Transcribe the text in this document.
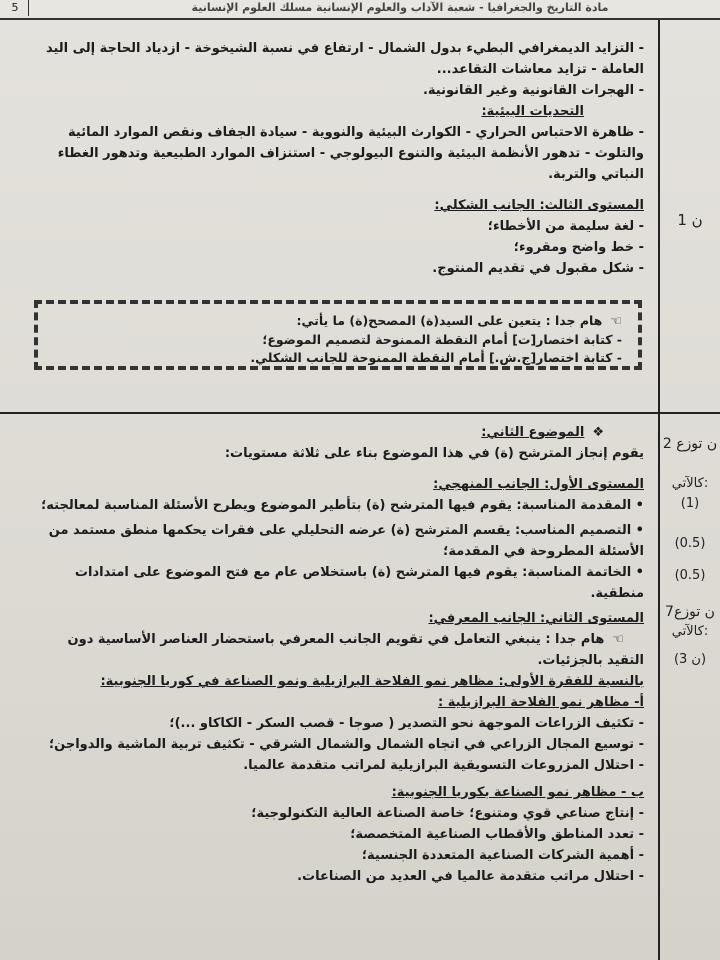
5	مادة التاريخ والجغرافيا - شعبة الآداب والعلوم الإنسانية مسلك العلوم الإنسانية

- التزايد الديمغرافي البطيء بدول الشمال - ارتفاع في نسبة الشيخوخة - ازدياد الحاجة إلى اليد

العاملة - تزايد معاشات التقاعد...

- الهجرات القانونية وغير القانونية.

التحديات البيئية:

- ظاهرة الاحتباس الحراري - الكوارث البيئية والنووية - سيادة الجفاف ونقص الموارد المائية

والتلوث - تدهور الأنظمة البيئية والتنوع البيولوجي - استنزاف الموارد الطبيعية وتدهور الغطاء

النباتي والتربة.

المستوى الثالث: الجانب الشكلي:

- لغة سليمة من الأخطاء؛

- خط واضح ومقروء؛

- شكل مقبول في تقديم المنتوج.

1 ن

☜هام جدا : يتعين على السيد(ة) المصحح(ة) ما يأتي:

- كتابة اختصار[ت] أمام النقطة الممنوحة لتصميم الموضوع؛

- كتابة اختصار[ج.ش.] أمام النقطة الممنوحة للجانب الشكلي.

❖الموضوع الثاني:

يقوم إنجاز المترشح (ة) في هذا الموضوع بناء على ثلاثة مستويات:

المستوى الأول: الجانب المنهجي:

• المقدمة المناسبة: يقوم فيها المترشح (ة) بتأطير الموضوع ويطرح الأسئلة المناسبة لمعالجته؛

• التصميم المناسب: يقسم المترشح (ة) عرضه التحليلي على فقرات يحكمها منطق مستمد من

الأسئلة المطروحة في المقدمة؛

• الخاتمة المناسبة: يقوم فيها المترشح (ة) باستخلاص عام مع فتح الموضوع على امتدادات

منطقية.

المستوى الثاني: الجانب المعرفي:

☜هام جدا : ينبغي التعامل في تقويم الجانب المعرفي باستحضار العناصر الأساسية دون

التقيد بالجزئيات.

بالنسبة للفقرة الأولى: مظاهر نمو الفلاحة البرازيلية ونمو الصناعة في كوريا الجنوبية:

أ- مظاهر نمو الفلاحة البرازيلية :

- تكثيف الزراعات الموجهة نحو التصدير ( صوجا - قصب السكر - الكاكاو ...)؛

- توسيع المجال الزراعي في اتجاه الشمال والشمال الشرقي - تكثيف تربية الماشية والدواجن؛

- احتلال المزروعات التسويقية البرازيلية لمراتب متقدمة عالميا.

ب - مظاهر نمو الصناعة بكوريا الجنوبية:

- إنتاج صناعي قوي ومتنوع؛ خاصة الصناعة العالية التكنولوجية؛

- تعدد المناطق والأقطاب الصناعية المتخصصة؛

- أهمية الشركات الصناعية المتعددة الجنسية؛

- احتلال مراتب متقدمة عالميا في العديد من الصناعات.

2 ن توزع
كالآتي:
(1)
(0.5)
(0.5)
7ن توزع
كالآتي:
(3 ن)
